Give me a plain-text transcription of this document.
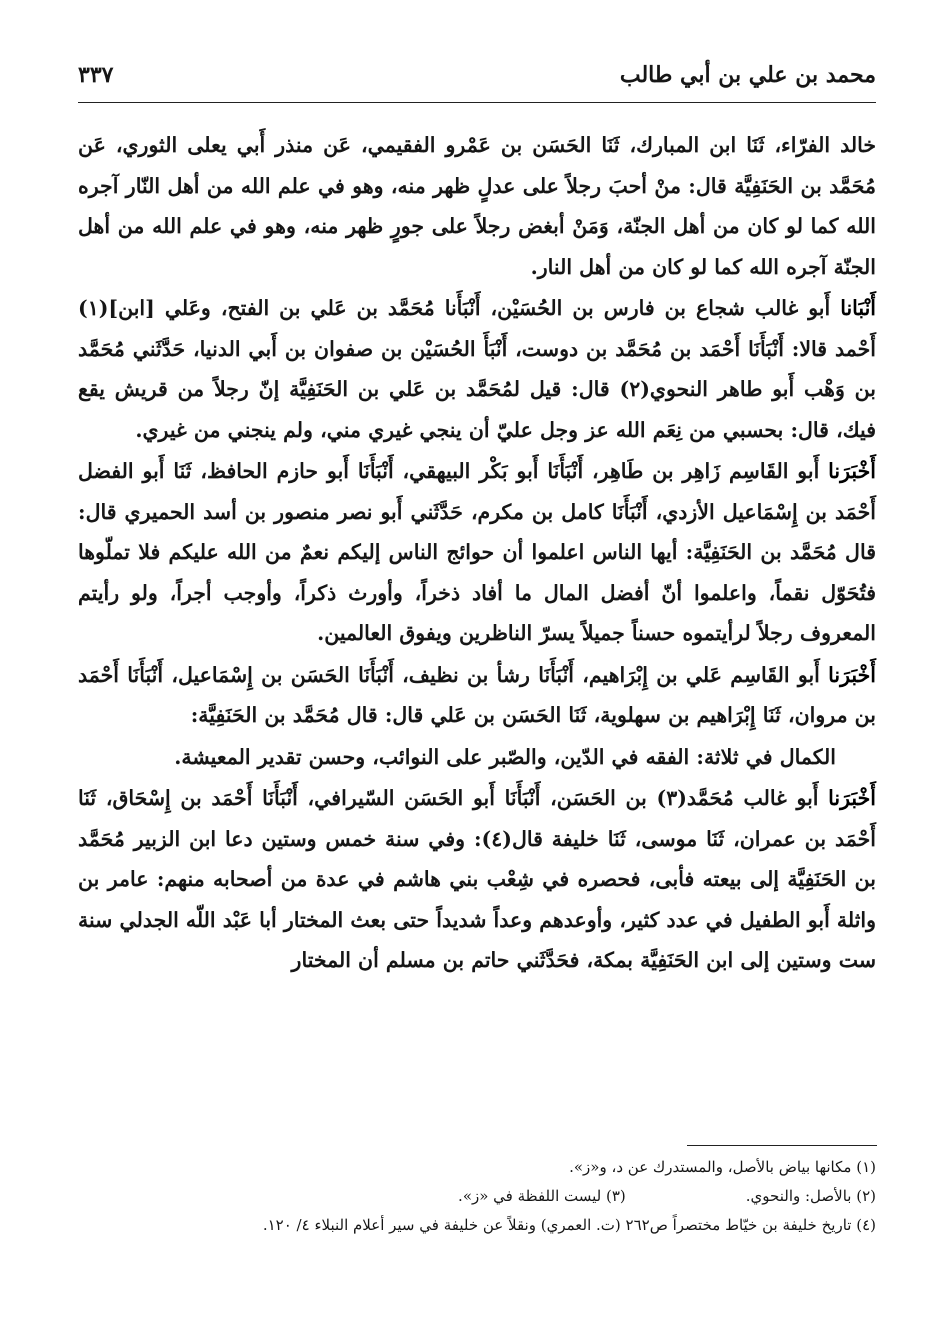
محمد بن علي بن أبي طالب
٣٣٧

خالد الفرّاء، ثَنَا ابن المبارك، ثَنَا الحَسَن بن عَمْرو الفقيمي، عَن منذر أَبي يعلى الثوري، عَن مُحَمَّد بن الحَنَفِيَّة قال: منْ أحبَ رجلاً على عدلٍ ظهر منه، وهو في علم الله من أهل النّار آجره الله كما لو كان من أهل الجنّة، وَمَنْ أبغض رجلاً على جورٍ ظهر منه، وهو في علم الله من أهل الجنّة آجره الله كما لو كان من أهل النار.

أَنْبَانا أَبو غالب شجاع بن فارس بن الحُسَيْن، أَنْبَأَنا مُحَمَّد بن عَلي بن الفتح، وعَلي [ابن](١) أَحْمد قالا: أَنْبَأَنَا أَحْمَد بن مُحَمَّد بن دوست، أَنْبَأَ الحُسَيْن بن صفوان بن أَبي الدنيا، حَدَّثَني مُحَمَّد بن وَهْب أَبو طاهر النحوي(٢) قال: قيل لمُحَمَّد بن عَلي بن الحَنَفِيَّة إنّ رجلاً من قريش يقع فيك، قال: بحسبي من نِعَم الله عز وجل عليّ أن ينجي غيري مني، ولم ينجني من غيري.

أَخْبَرَنا أَبو القَاسِم زَاهِر بن طَاهِر، أَنْبَأَنَا أَبو بَكْر البيهقي، أَنْبَأَنَا أَبو حازم الحافظ، ثَنَا أَبو الفضل أَحْمَد بن إِسْمَاعيل الأزدي، أَنْبَأَنَا كامل بن مكرم، حَدَّثَني أَبو نصر منصور بن أسد الحميري قال: قال مُحَمَّد بن الحَنَفِيَّة: أيها الناس اعلموا أن حوائج الناس إليكم نعمٌ من الله عليكم فلا تملّوها فتُحَوّل نقماً، واعلموا أنّ أفضل المال ما أفاد ذخراً، وأورث ذكراً، وأوجب أجراً، ولو رأيتم المعروف رجلاً لرأيتموه حسناً جميلاً يسرّ الناظرين ويفوق العالمين.

أَخْبَرَنا أَبو القَاسِم عَلي بن إِبْرَاهيم، أَنْبَأَنَا رشأ بن نظيف، أَنْبَأَنَا الحَسَن بن إِسْمَاعيل، أَنْبَأَنَا أَحْمَد بن مروان، ثَنَا إِبْرَاهيم بن سهلوية، ثَنَا الحَسَن بن عَلي قال: قال مُحَمَّد بن الحَنَفِيَّة:

الكمال في ثلاثة: الفقه في الدّين، والصّبر على النوائب، وحسن تقدير المعيشة.

أَخْبَرَنا أَبو غالب مُحَمَّد(٣) بن الحَسَن، أَنْبَأَنَا أَبو الحَسَن السّيرافي، أَنْبَأَنَا أَحْمَد بن إِسْحَاق، ثَنَا أَحْمَد بن عمران، ثَنَا موسى، ثَنَا خليفة قال(٤): وفي سنة خمس وستين دعا ابن الزبير مُحَمَّد بن الحَنَفِيَّة إلى بيعته فأبى، فحصره في شِعْب بني هاشم في عدة من أصحابه منهم: عامر بن واثلة أَبو الطفيل في عدد كثير، وأوعدهم وعداً شديداً حتى بعث المختار أبا عَبْد اللّه الجدلي سنة ست وستين إلى ابن الحَنَفِيَّة بمكة، فحَدَّثَني حاتم بن مسلم أن المختار

(١) مكانها بياض بالأصل، والمستدرك عن د، و«ز».
(٢) بالأصل: والنحوي.(٣) ليست اللفظة في «ز».
(٤) تاريخ خليفة بن خيّاط مختصراً ص٢٦٢ (ت. العمري) ونقلاً عن خليفة في سير أعلام النبلاء ٤/ ١٢٠.
